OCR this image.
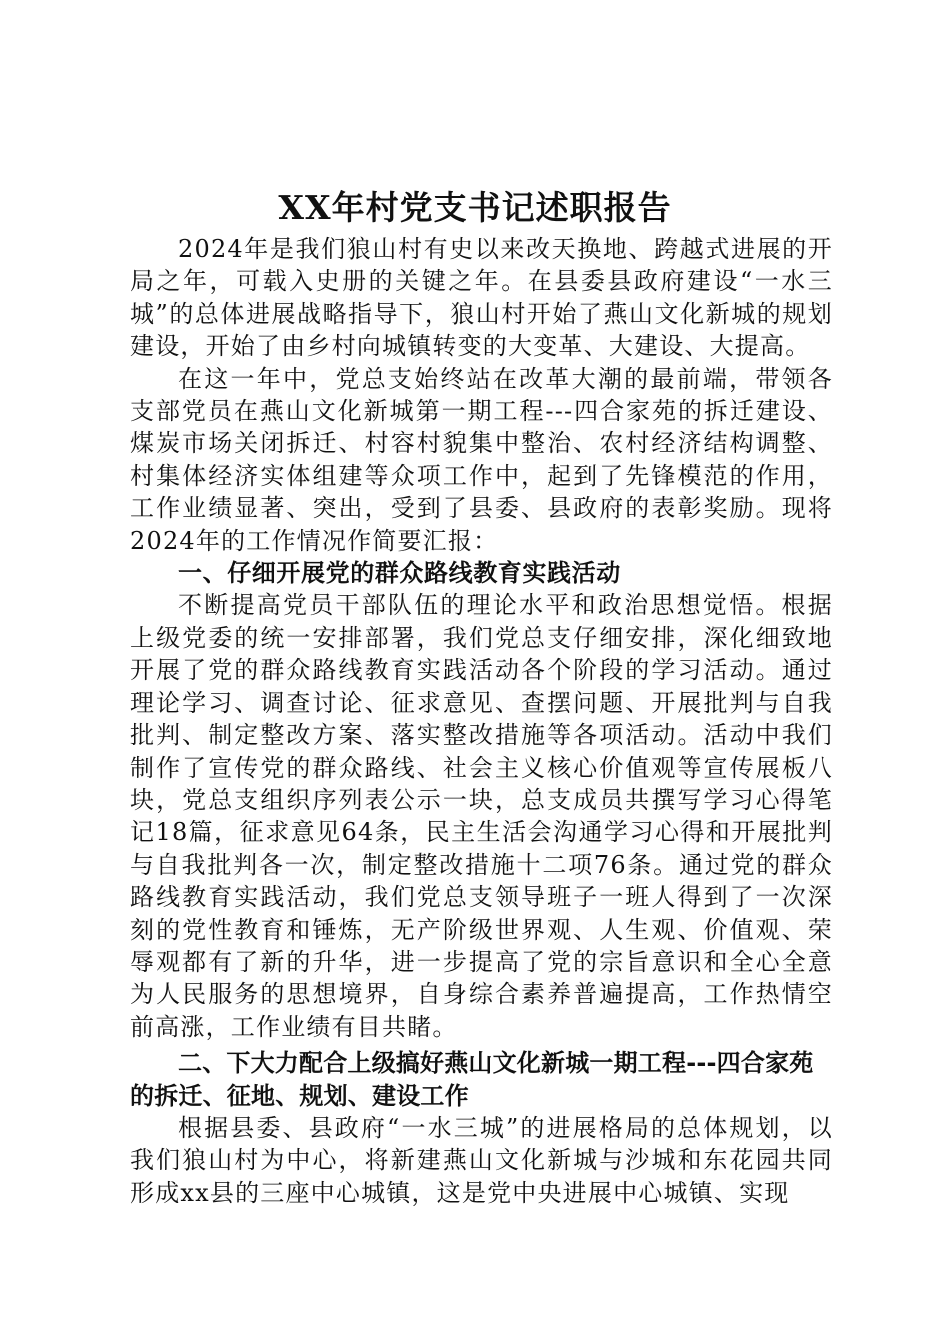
XX年村党支书记述职报告

2024年是我们狼山村有史以来改天换地、跨越式进展的开局之年，可载入史册的关键之年。在县委县政府建设“一水三城”的总体进展战略指导下，狼山村开始了燕山文化新城的规划建设，开始了由乡村向城镇转变的大变革、大建设、大提高。

在这一年中，党总支始终站在改革大潮的最前端，带领各支部党员在燕山文化新城第一期工程---四合家苑的拆迁建设、煤炭市场关闭拆迁、村容村貌集中整治、农村经济结构调整、村集体经济实体组建等众项工作中，起到了先锋模范的作用，工作业绩显著、突出，受到了县委、县政府的表彰奖励。现将2024年的工作情况作简要汇报：

一、仔细开展党的群众路线教育实践活动

不断提高党员干部队伍的理论水平和政治思想觉悟。根据上级党委的统一安排部署，我们党总支仔细安排，深化细致地开展了党的群众路线教育实践活动各个阶段的学习活动。通过理论学习、调查讨论、征求意见、查摆问题、开展批判与自我批判、制定整改方案、落实整改措施等各项活动。活动中我们制作了宣传党的群众路线、社会主义核心价值观等宣传展板八块，党总支组织序列表公示一块，总支成员共撰写学习心得笔记18篇，征求意见64条，民主生活会沟通学习心得和开展批判与自我批判各一次，制定整改措施十二项76条。通过党的群众路线教育实践活动，我们党总支领导班子一班人得到了一次深刻的党性教育和锤炼，无产阶级世界观、人生观、价值观、荣辱观都有了新的升华，进一步提高了党的宗旨意识和全心全意为人民服务的思想境界，自身综合素养普遍提高，工作热情空前高涨，工作业绩有目共睹。

二、下大力配合上级搞好燕山文化新城一期工程---四合家苑的拆迁、征地、规划、建设工作

根据县委、县政府“一水三城”的进展格局的总体规划，以我们狼山村为中心，将新建燕山文化新城与沙城和东花园共同形成xx县的三座中心城镇，这是党中央进展中心城镇、实现
